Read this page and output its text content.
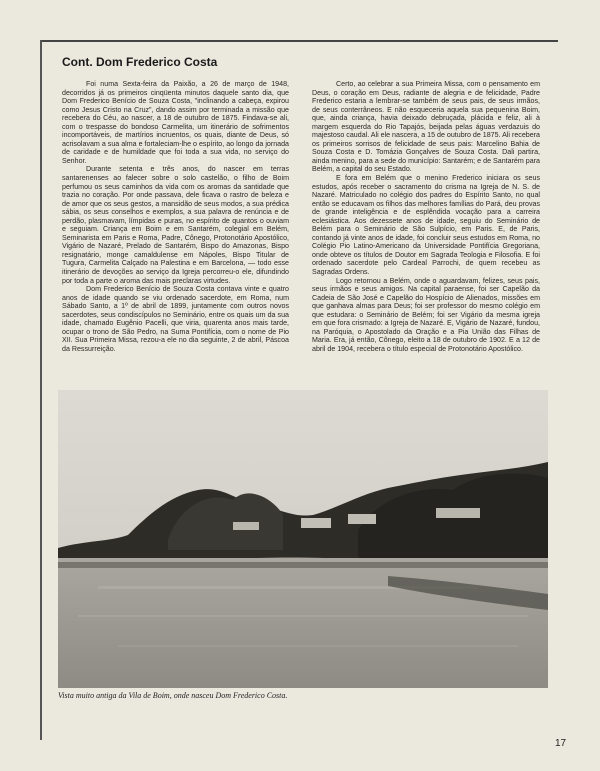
Cont. Dom Frederico Costa

Foi numa Sexta-feira da Paixão, a 26 de março de 1948, decorridos já os primeiros cinqüenta minutos daquele santo dia, que Dom Frederico Benício de Souza Costa, "inclinando a cabeça, expirou como Jesus Cristo na Cruz", dando assim por terminada a missão que recebera do Céu, ao nascer, a 18 de outubro de 1875. Findava-se ali, com o trespasse do bondoso Carmelita, um itinerário de sofrimentos incomportáveis, de martírios incruentos, os quais, diante de Deus, só acrisolavam a sua alma e fortaleciam-lhe o espírito, ao longo da jornada de caridade e de humildade que foi toda a sua vida, no serviço do Senhor.

Durante setenta e três anos, do nascer em terras santarenenses ao falecer sobre o solo castelão, o filho de Boim perfumou os seus caminhos da vida com os aromas da santidade que trazia no coração. Por onde passava, dele ficava o rastro de beleza e de amor que os seus gestos, a mansidão de seus modos, a sua prédica sábia, os seus conselhos e exemplos, a sua palavra de renúncia e de perdão, plasmavam, límpidas e puras, no espírito de quantos o ouviam e seguiam. Criança em Boim e em Santarém, colegial em Belém, Seminarista em Paris e Roma, Padre, Cônego, Protonotário Apostólico, Vigário de Nazaré, Prelado de Santarém, Bispo do Amazonas, Bispo resignatário, monge camaldulense em Nápoles, Bispo Titular de Tugura, Carmelita Calçado na Palestina e em Barcelona, — todo esse itinerário de devoções ao serviço da Igreja percorreu-o ele, difundindo por toda a parte o aroma das mais preclaras virtudes.

Dom Frederico Benício de Souza Costa contava vinte e quatro anos de idade quando se viu ordenado sacerdote, em Roma, num Sábado Santo, a 1º de abril de 1899, juntamente com outros novos sacerdotes, seus condiscípulos no Seminário, entre os quais um da sua idade, chamado Eugênio Pacelli, que viria, quarenta anos mais tarde, ocupar o trono de São Pedro, na Suma Pontifícia, com o nome de Pio XII. Sua Primeira Missa, rezou-a ele no dia seguinte, 2 de abril, Páscoa da Ressurreição.

Certo, ao celebrar a sua Primeira Missa, com o pensamento em Deus, o coração em Deus, radiante de alegria e de felicidade, Padre Frederico estaria a lembrar-se também de seus pais, de seus irmãos, de seus conterrâneos. E não esqueceria aquela sua pequenina Boim, que, ainda criança, havia deixado debruçada, plácida e feliz, ali à margem esquerda do Rio Tapajós, beijada pelas águas verdazuis do majestoso caudal. Ali ele nascera, a 15 de outubro de 1875. Ali recebera os primeiros sorrisos de felicidade de seus pais: Marcelino Bahia de Souza Costa e D. Tomázia Gonçalves de Souza Costa. Dali partira, ainda menino, para a sede do município: Santarém; e de Santarém para Belém, a capital do seu Estado.

E fora em Belém que o menino Frederico iniciara os seus estudos, após receber o sacramento do crisma na Igreja de N. S. de Nazaré. Matriculado no colégio dos padres do Espírito Santo, no qual então se educavam os filhos das melhores famílias do Pará, deu provas de grande inteligência e de esplêndida vocação para a carreira eclesiástica. Aos dezessete anos de idade, seguiu do Seminário de Belém para o Seminário de São Sulpício, em Paris. E, de Paris, contando já vinte anos de idade, foi concluir seus estudos em Roma, no Colégio Pio Latino-Americano da Universidade Pontifícia Gregoriana, onde obteve os títulos de Doutor em Sagrada Teologia e Filosofia. E foi ordenado sacerdote pelo Cardeal Parrochi, de quem recebeu as Sagradas Ordens.

Logo retornou a Belém, onde o aguardavam, felizes, seus pais, seus irmãos e seus amigos. Na capital paraense, foi ser Capelão da Cadeia de São José e Capelão do Hospício de Alienados, missões em que ganhava almas para Deus; foi ser professor do mesmo colégio em que estudara: o Seminário de Belém; foi ser Vigário da mesma igreja em que fora crismado: a Igreja de Nazaré. E, Vigário de Nazaré, fundou, na Paróquia, o Apostolado da Oração e a Pia União das Filhas de Maria. Era, já então, Cônego, eleito a 18 de outubro de 1902. E a 12 de abril de 1904, recebera o título especial de Protonotário Apostólico.

Vista muito antiga da Vila de Boim, onde nasceu Dom Frederico Costa.
17
